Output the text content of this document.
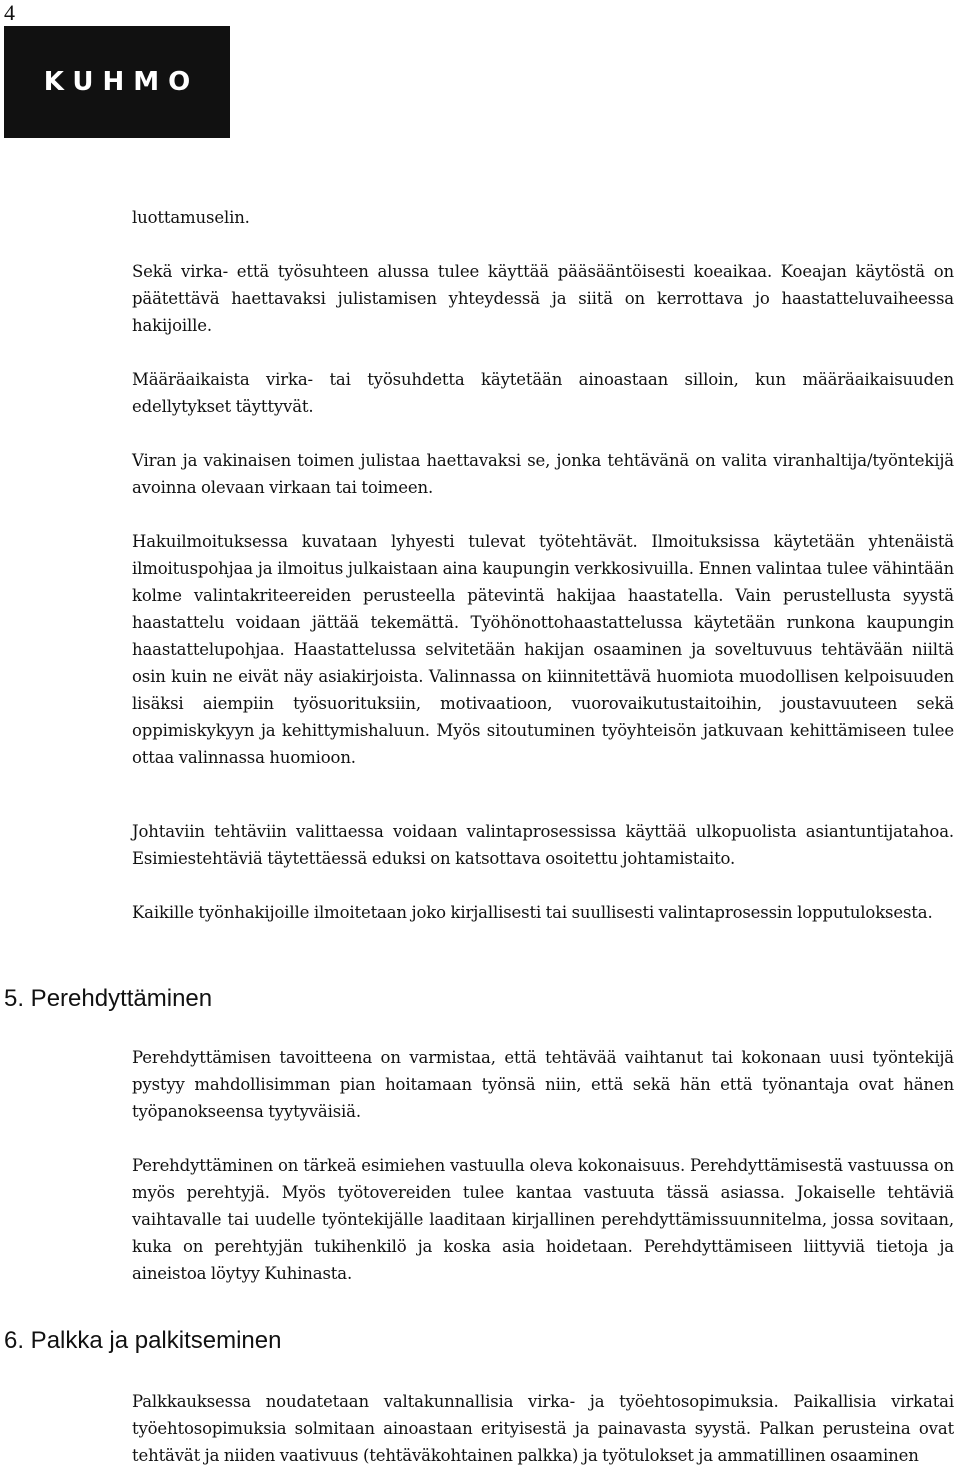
4
KUHMO

luottamuselin.

Sekä virka- että työsuhteen alussa tulee käyttää pääsääntöisesti koeaikaa. Koeajan käytöstä on päätettävä haettavaksi julistamisen yhteydessä ja siitä on kerrottava jo haastatteluvaiheessa hakijoille.

Määräaikaista virka- tai työsuhdetta käytetään ainoastaan silloin, kun määräaikaisuuden edellytykset täyttyvät.

Viran ja vakinaisen toimen julistaa haettavaksi se, jonka tehtävänä on valita viranhaltija/työntekijä avoinna olevaan virkaan tai toimeen.

Hakuilmoituksessa kuvataan lyhyesti tulevat työtehtävät. Ilmoituksissa käytetään yhtenäistä ilmoituspohjaa ja ilmoitus julkaistaan aina kaupungin verkkosivuilla. Ennen valintaa tulee vähintään kolme valintakriteereiden perusteella pätevintä hakijaa haastatella. Vain perustellusta syystä haastattelu voidaan jättää tekemättä. Työhönottohaastattelussa käytetään runkona kaupungin haastattelupohjaa. Haastattelussa selvitetään hakijan osaaminen ja soveltuvuus tehtävään niiltä osin kuin ne eivät näy asiakirjoista. Valinnassa on kiinnitettävä huomiota muodollisen kelpoisuuden lisäksi aiempiin työsuorituksiin, motivaatioon, vuorovaikutustaitoihin, joustavuuteen sekä oppimiskykyyn ja kehittymishaluun. Myös sitoutuminen työyhteisön jatkuvaan kehittämiseen tulee ottaa valinnassa huomioon.

Johtaviin tehtäviin valittaessa voidaan valintaprosessissa käyttää ulkopuolista asiantuntijatahoa. Esimiestehtäviä täytettäessä eduksi on katsottava osoitettu johtamistaito.

Kaikille työnhakijoille ilmoitetaan joko kirjallisesti tai suullisesti valintaprosessin lopputuloksesta.

5. Perehdyttäminen

Perehdyttämisen tavoitteena on varmistaa, että tehtävää vaihtanut tai kokonaan uusi työntekijä pystyy mahdollisimman pian hoitamaan työnsä niin, että sekä hän että työnantaja ovat hänen työpanokseensa tyytyväisiä.

Perehdyttäminen on tärkeä esimiehen vastuulla oleva kokonaisuus. Perehdyttämisestä vastuussa on myös perehtyjä. Myös työtovereiden tulee kantaa vastuuta tässä asiassa. Jokaiselle tehtäviä vaihtavalle tai uudelle työntekijälle laaditaan kirjallinen perehdyttämissuunnitelma, jossa sovitaan, kuka on perehtyjän tukihenkilö ja koska asia hoidetaan. Perehdyttämiseen liittyviä tietoja ja aineistoa löytyy Kuhinasta.

6. Palkka ja palkitseminen

Palkkauksessa noudatetaan valtakunnallisia virka- ja työehtosopimuksia. Paikallisia virkatai työehtosopimuksia solmitaan ainoastaan erityisestä ja painavasta syystä. Palkan perusteina ovat tehtävät ja niiden vaativuus (tehtäväkohtainen palkka) ja työtulokset ja ammatillinen osaaminen
